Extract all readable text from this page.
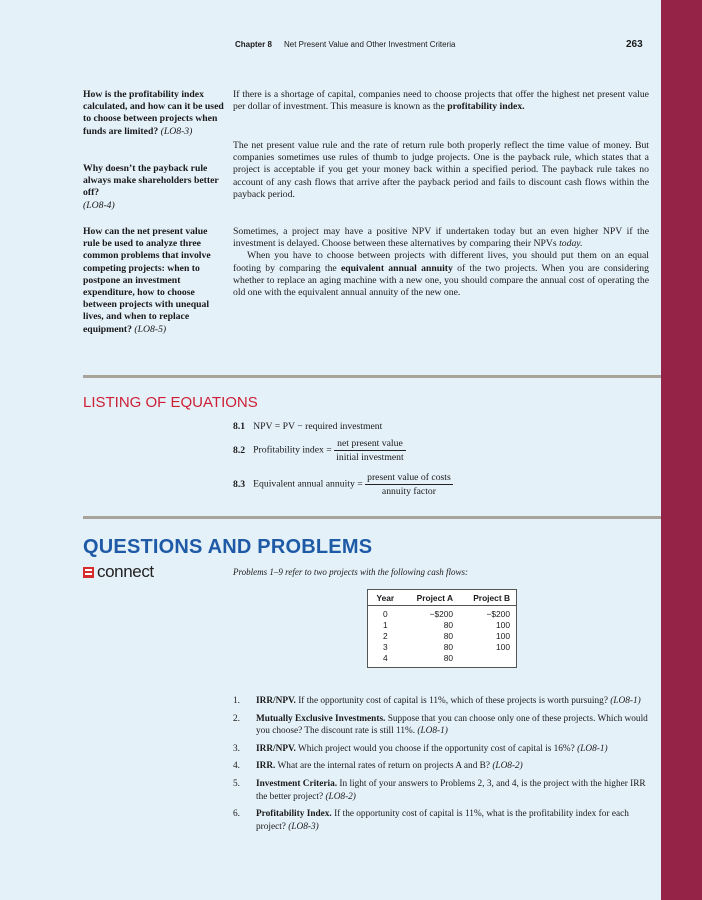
Chapter 8 Net Present Value and Other Investment Criteria	263
How is the profitability index calculated, and how can it be used to choose between projects when funds are limited? (LO8-3)

If there is a shortage of capital, companies need to choose projects that offer the highest net present value per dollar of investment. This measure is known as the profitability index.

Why doesn’t the payback rule always make shareholders better off?
(LO8-4)

The net present value rule and the rate of return rule both properly reflect the time value of money. But companies sometimes use rules of thumb to judge projects. One is the payback rule, which states that a project is acceptable if you get your money back within a specified period. The payback rule takes no account of any cash flows that arrive after the payback period and fails to discount cash flows within the payback period.

How can the net present value rule be used to analyze three common problems that involve competing projects: when to postpone an investment expenditure, how to choose between projects with unequal lives, and when to replace equipment? (LO8-5)

Sometimes, a project may have a positive NPV if undertaken today but an even higher NPV if the investment is delayed. Choose between these alternatives by comparing their NPVs today.

When you have to choose between projects with different lives, you should put them on an equal footing by comparing the equivalent annual annuity of the two projects. When you are considering whether to replace an aging machine with a new one, you should compare the annual cost of operating the old one with the equivalent annual annuity of the new one.

LISTING OF EQUATIONS
8.1 NPV = PV − required investment
8.2 Profitability index = $\frac{\text{net present value}}{\text{initial investment}}$
8.3 Equivalent annual annuity = $\frac{\text{present value of costs}}{\text{annuity factor}}$
QUESTIONS AND PROBLEMS
connect	Problems 1–9 refer to two projects with the following cash flows:
Year	Project A	Project B
0	−$200	−$200
1	80	100
2	80	100
3	80	100
4	80	
1. IRR/NPV. If the opportunity cost of capital is 11%, which of these projects is worth pursuing? (LO8-1)
2. Mutually Exclusive Investments. Suppose that you can choose only one of these projects. Which would you choose? The discount rate is still 11%. (LO8-1)
3. IRR/NPV. Which project would you choose if the opportunity cost of capital is 16%? (LO8-1)
4. IRR. What are the internal rates of return on projects A and B? (LO8-2)
5. Investment Criteria. In light of your answers to Problems 2, 3, and 4, is the project with the higher IRR the better project? (LO8-2)
6. Profitability Index. If the opportunity cost of capital is 11%, what is the profitability index for each project? (LO8-3)
